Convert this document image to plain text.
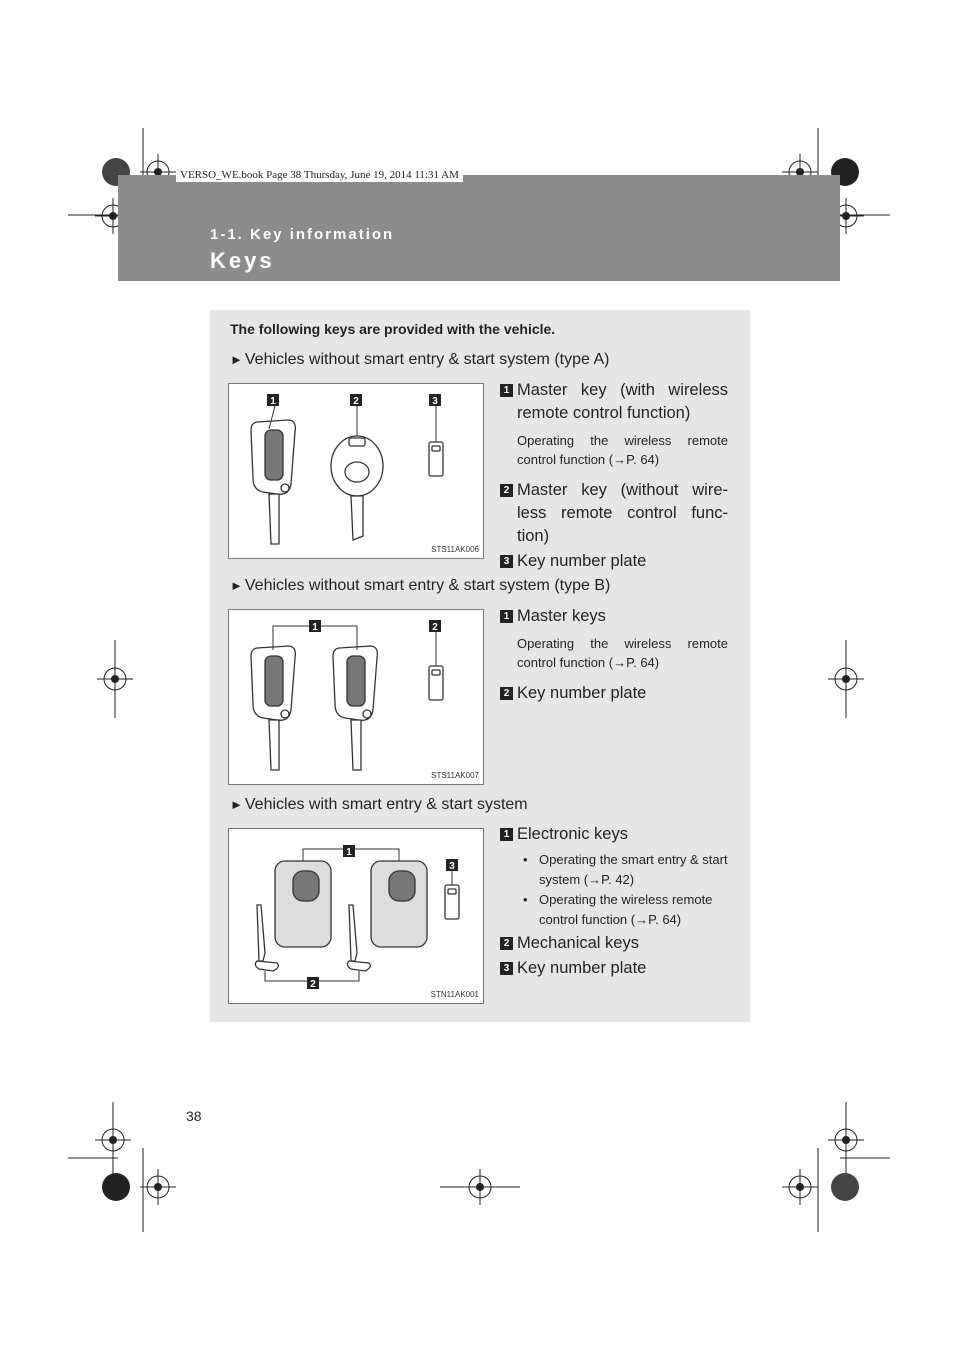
VERSO_WE.book Page 38 Thursday, June 19, 2014 11:31 AM
1-1. Key information
Keys
The following keys are provided with the vehicle.
► Vehicles without smart entry & start system (type A)
1	2	3
STS11AK006
1 Master key (with wireless remote control function)
Operating the wireless remote control function (→P. 64)
2 Master key (without wire-less remote control func-tion)
3 Key number plate
► Vehicles without smart entry & start system (type B)
1	2
STS11AK007
1 Master keys
Operating the wireless remote control function (→P. 64)
2 Key number plate
► Vehicles with smart entry & start system
1
2
3
STN11AK001
1 Electronic keys
• Operating the smart entry & start system (→P. 42)
• Operating the wireless remote control function (→P. 64)
2 Mechanical keys
3 Key number plate
38
